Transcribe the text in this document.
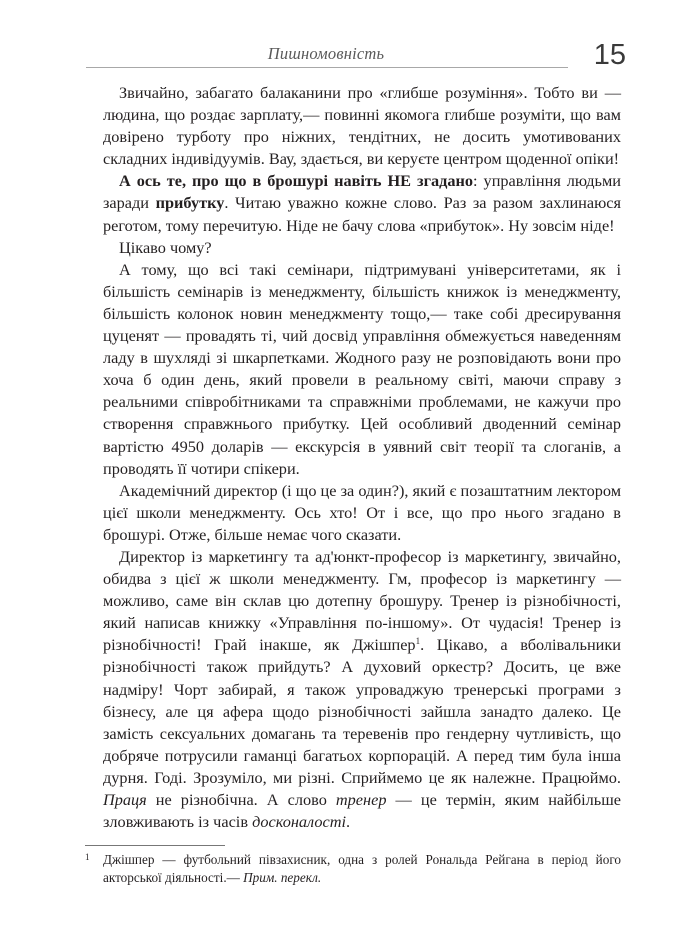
Пишномовність	15

Звичайно, забагато балаканини про «глибше розуміння». Тобто ви — людина, що роздає зарплату,— повинні якомога глибше розуміти, що вам довірено турботу про ніжних, тендітних, не досить умотивованих складних індивідуумів. Вау, здається, ви керуєте центром щоденної опіки!

А ось те, про що в брошурі навіть НЕ згадано: управління людьми заради прибутку. Читаю уважно кожне слово. Раз за разом захлинаюся реготом, тому перечитую. Ніде не бачу слова «прибуток». Ну зовсім ніде!

Цікаво чому?

А тому, що всі такі семінари, підтримувані університетами, як і більшість семінарів із менеджменту, більшість книжок із менеджменту, більшість колонок новин менеджменту тощо,— таке собі дресирування цуценят — провадять ті, чий досвід управління обмежується наведенням ладу в шухляді зі шкарпетками. Жодного разу не розповідають вони про хоча б один день, який провели в реальному світі, маючи справу з реальними співробітниками та справжніми проблемами, не кажучи про створення справжнього прибутку. Цей особливий дводенний семінар вартістю 4950 доларів — екскурсія в уявний світ теорії та слоганів, а проводять її чотири спікери.

Академічний директор (і що це за один?), який є позаштатним лектором цієї школи менеджменту. Ось хто! От і все, що про нього згадано в брошурі. Отже, більше немає чого сказати.

Директор із маркетингу та ад'юнкт-професор із маркетингу, звичайно, обидва з цієї ж школи менеджменту. Гм, професор із маркетингу — можливо, саме він склав цю дотепну брошуру. Тренер із різнобічності, який написав книжку «Управління по-іншому». От чудасія! Тренер із різнобічності! Грай інакше, як Джішпер$^1$. Цікаво, а вболівальники різнобічності також прийдуть? А духовий оркестр? Досить, це вже надміру! Чорт забирай, я також упроваджую тренерські програми з бізнесу, але ця афера щодо різнобічності зайшла занадто далеко. Це замість сексуальних домагань та теревенів про гендерну чутливість, що добряче потрусили гаманці багатьох корпорацій. А перед тим була інша дурня. Годі. Зрозуміло, ми різні. Сприймемо це як належне. Працюймо. Праця не різнобічна. А слово тренер — це термін, яким найбільше зловживають із часів досконалості.

1 Джішпер — футбольний півзахисник, одна з ролей Рональда Рейгана в період його акторської діяльності.— Прим. перекл.
